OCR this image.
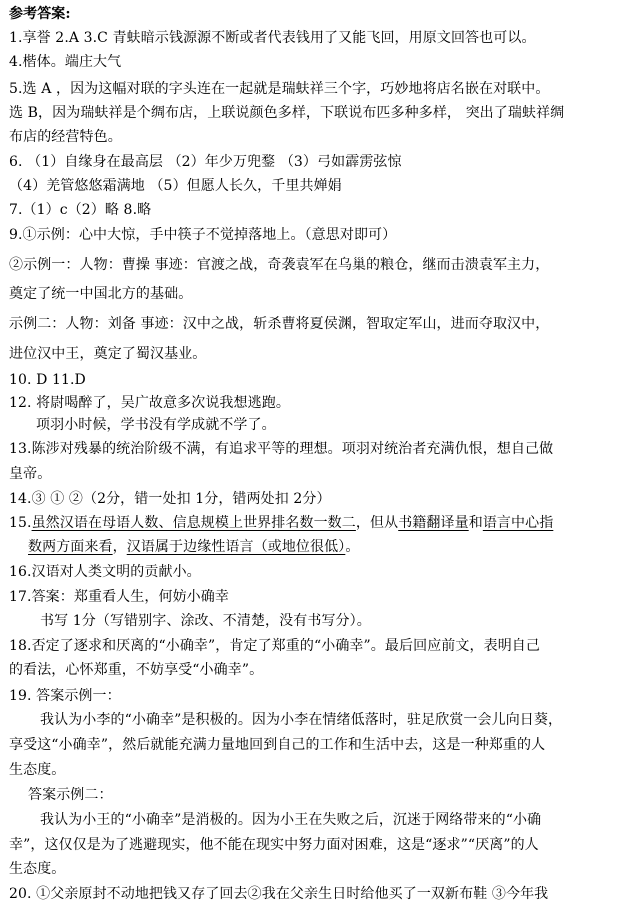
参考答案:
1.享誉 2.A 3.C 青蚨暗示钱源源不断或者代表钱用了又能飞回，用原文回答也可以。
4.楷体。端庄大气
5.选 A ，因为这幅对联的字头连在一起就是瑞蚨祥三个字，巧妙地将店名嵌在对联中。
选 B，因为瑞蚨祥是个绸布店，上联说颜色多样，下联说布匹多种多样， 突出了瑞蚨祥绸
布店的经营特色。
6. （1）自缘身在最高层 （2）年少万兜鍪 （3）弓如霹雳弦惊
（4）羌管悠悠霜满地 （5）但愿人长久，千里共婵娟
7.（1）c（2）略 8.略
9.①示例：心中大惊，手中筷子不觉掉落地上。（意思对即可）
②示例一：人物：曹操 事迹：官渡之战，奇袭袁军在乌巢的粮仓，继而击溃袁军主力，
奠定了统一中国北方的基础。
示例二：人物：刘备 事迹：汉中之战，斩杀曹将夏侯渊，智取定军山，进而夺取汉中，
进位汉中王，奠定了蜀汉基业。
10. D 11.D
12. 将尉喝醉了，吴广故意多次说我想逃跑。
项羽小时候，学书没有学成就不学了。
13.陈涉对残暴的统治阶级不满，有追求平等的理想。项羽对统治者充满仇恨，想自己做
皇帝。
14.③ ① ②（2分，错一处扣 1分，错两处扣 2分）
15.虽然汉语在母语人数、信息规模上世界排名数一数二，但从书籍翻译量和语言中心指
数两方面来看，汉语属于边缘性语言（或地位很低）。
16.汉语对人类文明的贡献小。
17.答案：郑重看人生，何妨小确幸
书写 1分（写错别字、涂改、不清楚，没有书写分）。
18.否定了逐求和厌离的“小确幸”，肯定了郑重的“小确幸”。最后回应前文，表明自己
的看法，心怀郑重，不妨享受“小确幸”。
19. 答案示例一：
我认为小李的“小确幸”是积极的。因为小李在情绪低落时，驻足欣赏一会儿向日葵，
享受这“小确幸”，然后就能充满力量地回到自己的工作和生活中去，这是一种郑重的人
生态度。
答案示例二：
我认为小王的“小确幸”是消极的。因为小王在失败之后，沉迷于网络带来的“小确
幸”，这仅仅是为了逃避现实，他不能在现实中努力面对困难，这是“逐求”“厌离”的人
生态度。
20. ①父亲原封不动地把钱又存了回去②我在父亲生日时给他买了一双新布鞋 ③今年我
